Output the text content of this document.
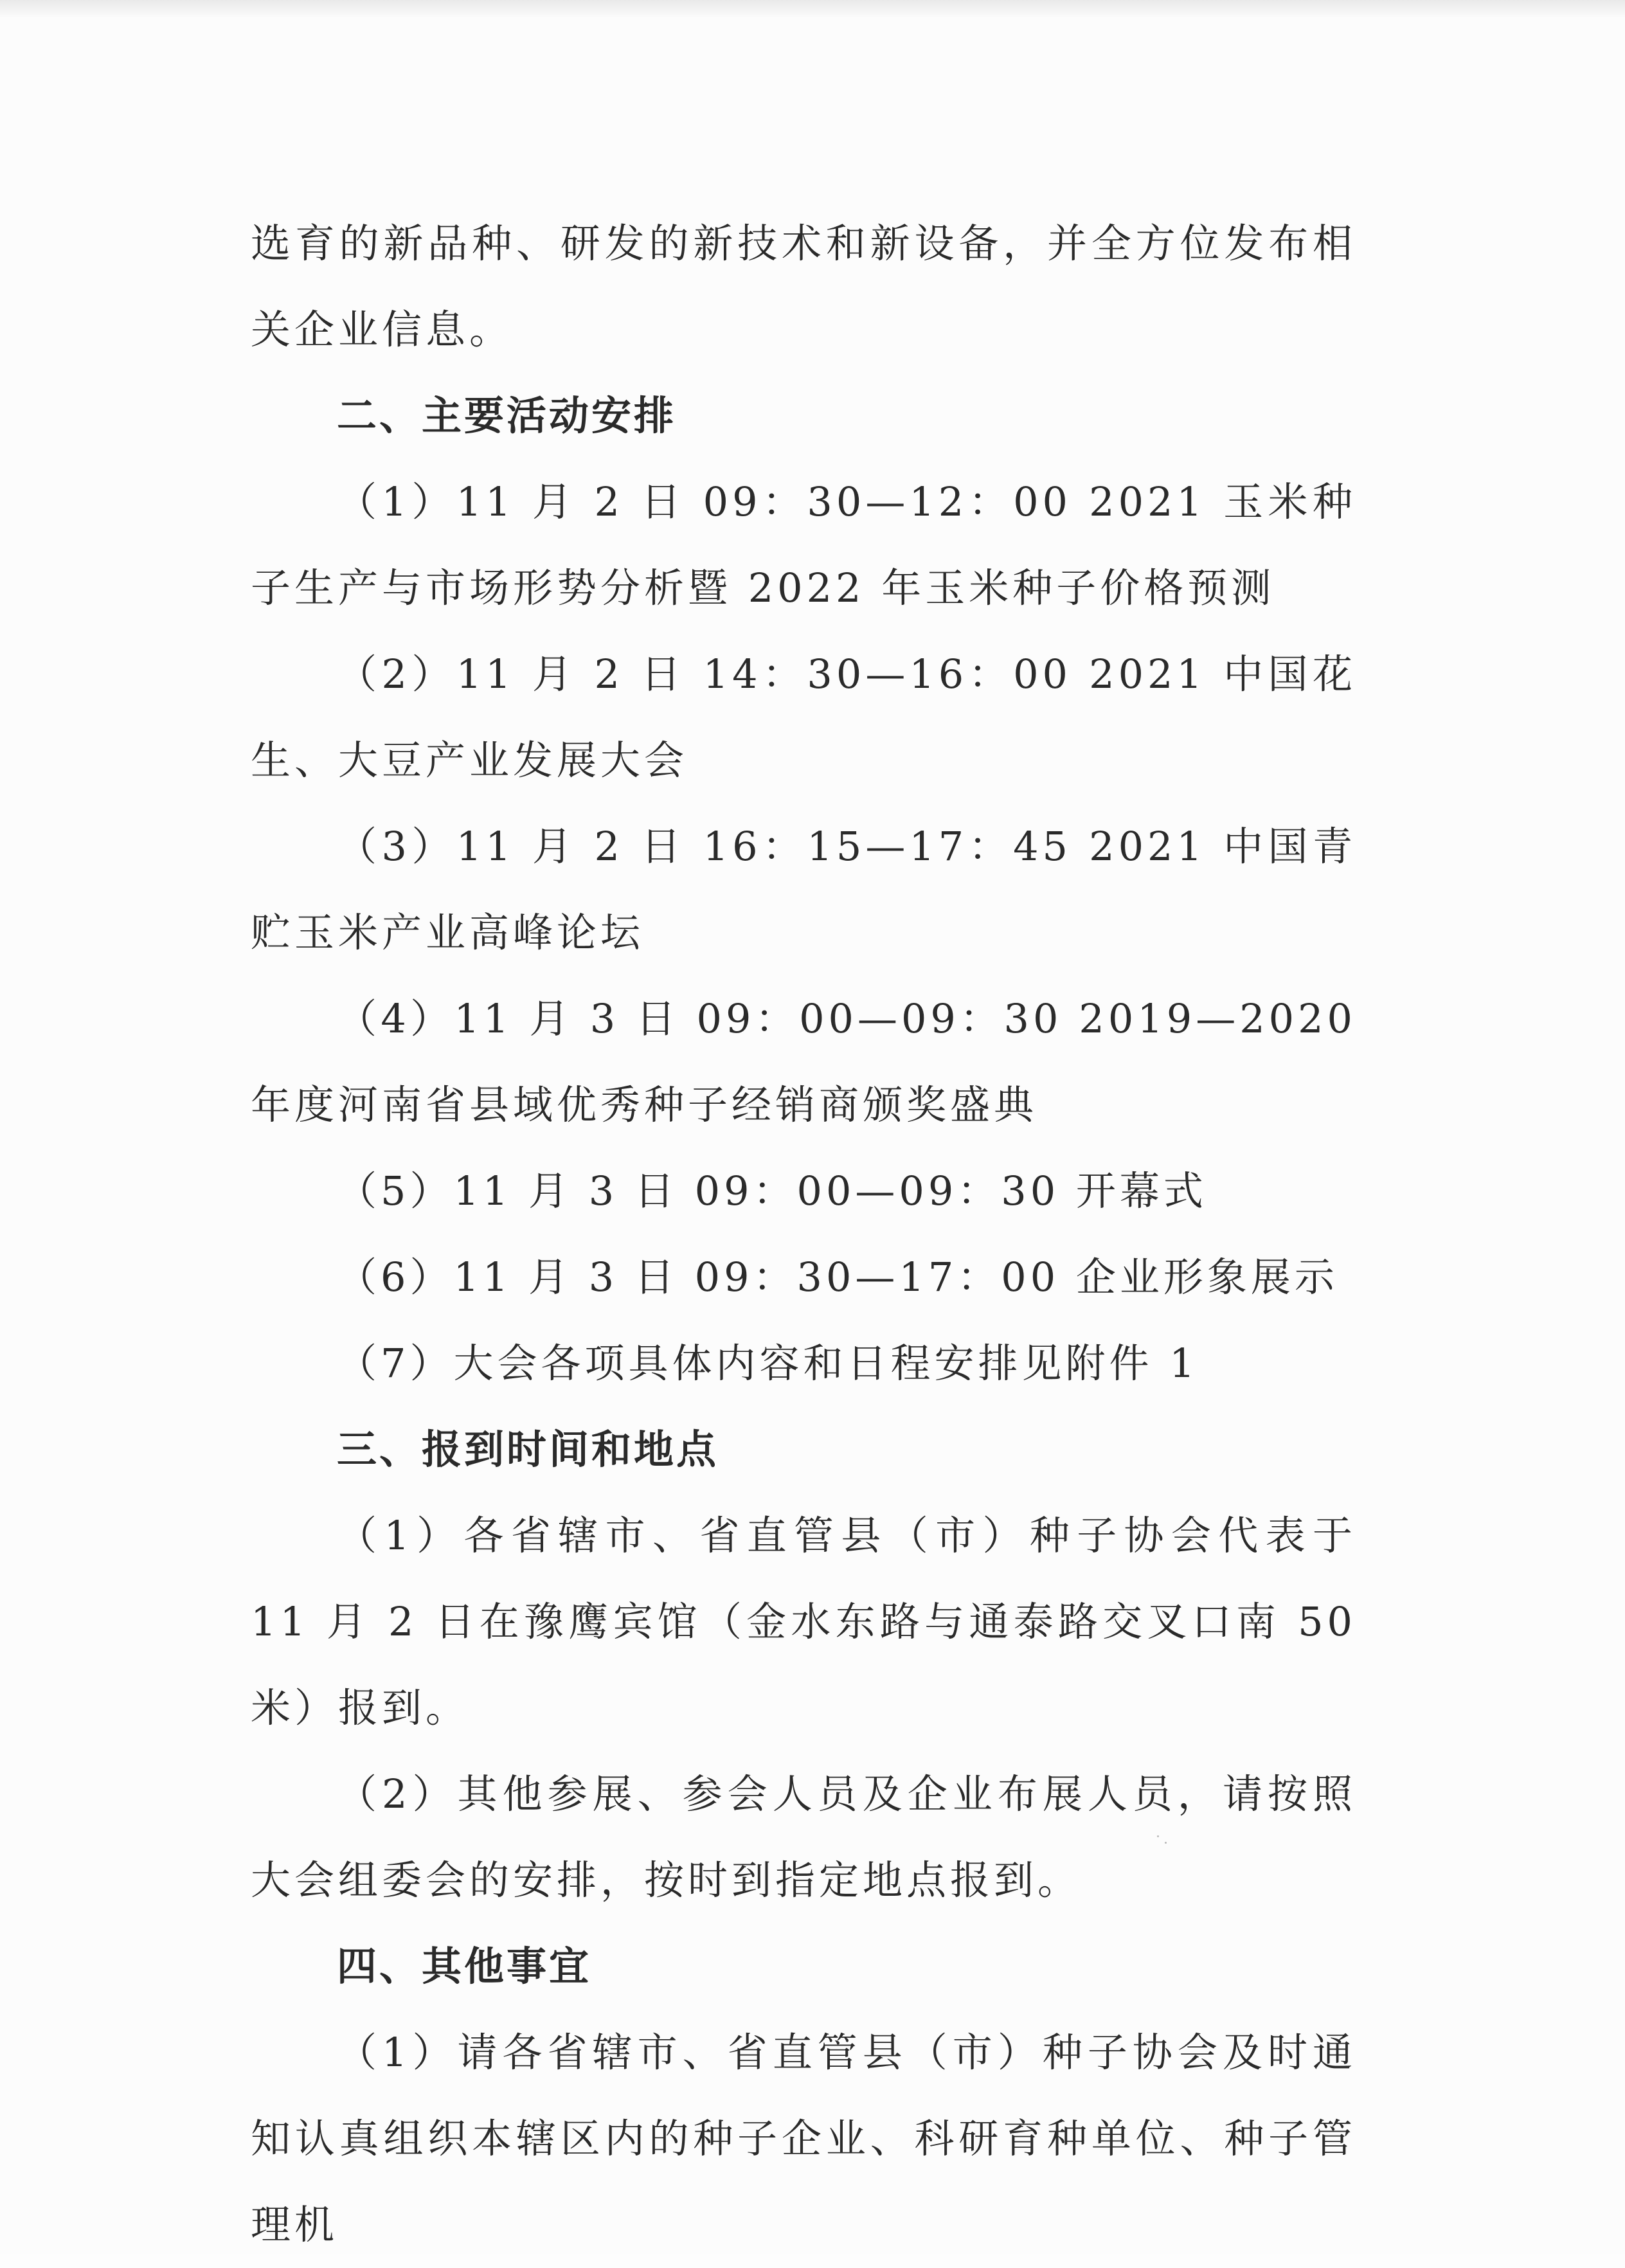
选育的新品种、研发的新技术和新设备，并全方位发布相关企业信息。

二、主要活动安排

（1）11 月 2 日 09：30—12：00 2021 玉米种子生产与市场形势分析暨 2022 年玉米种子价格预测

（2）11 月 2 日 14：30—16：00 2021 中国花生、大豆产业发展大会

（3）11 月 2 日 16：15—17：45 2021 中国青贮玉米产业高峰论坛

（4）11 月 3 日 09：00—09：30 2019—2020 年度河南省县域优秀种子经销商颁奖盛典

（5）11 月 3 日 09：00—09：30 开幕式

（6）11 月 3 日 09：30—17：00 企业形象展示

（7）大会各项具体内容和日程安排见附件 1

三、报到时间和地点

（1）各省辖市、省直管县（市）种子协会代表于 11 月 2 日在豫鹰宾馆（金水东路与通泰路交叉口南 50 米）报到。

（2）其他参展、参会人员及企业布展人员，请按照大会组委会的安排，按时到指定地点报到。

四、其他事宜

（1）请各省辖市、省直管县（市）种子协会及时通知认真组织本辖区内的种子企业、科研育种单位、种子管理机
